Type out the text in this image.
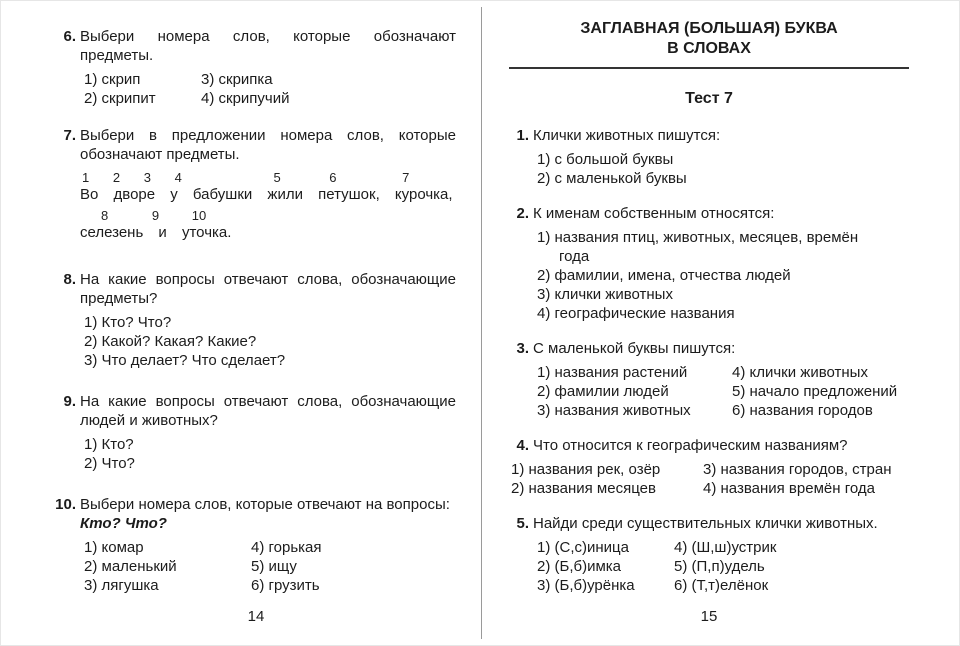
6. Выбери номера слов, которые обозначают предметы.
1) скрип
2) скрипит
3) скрипка
4) скрипучий
7. Выбери в предложении номера слов, которые обозначают предметы.
1 2 3 4	5	6	7
Во дворе у бабушки жили петушок, курочка,
8	9	10
селезень и уточка.
8. На какие вопросы отвечают слова, обозначающие предметы?
1) Кто? Что?
2) Какой? Какая? Какие?
3) Что делает? Что сделает?
9. На какие вопросы отвечают слова, обозначающие людей и животных?
1) Кто?
2) Что?
10. Выбери номера слов, которые отвечают на вопросы:
Кто? Что?
1) комар
2) маленький
3) лягушка
4) горькая
5) ищу
6) грузить
14
ЗАГЛАВНАЯ (БОЛЬШАЯ) БУКВА
В СЛОВАХ
Тест 7
1. Клички животных пишутся:
1) с большой буквы
2) с маленькой буквы
2. К именам собственным относятся:
1) названия птиц, животных, месяцев, времён года
2) фамилии, имена, отчества людей
3) клички животных
4) географические названия
3. С маленькой буквы пишутся:
1) названия растений
2) фамилии людей
3) названия животных
4) клички животных
5) начало предложений
6) названия городов
4. Что относится к географическим названиям?
1) названия рек, озёр
2) названия месяцев
3) названия городов, стран
4) названия времён года
5. Найди среди существительных клички животных.
1) (С,с)иница
2) (Б,б)имка
3) (Б,б)урёнка
4) (Ш,ш)устрик
5) (П,п)удель
6) (Т,т)елёнок
15
